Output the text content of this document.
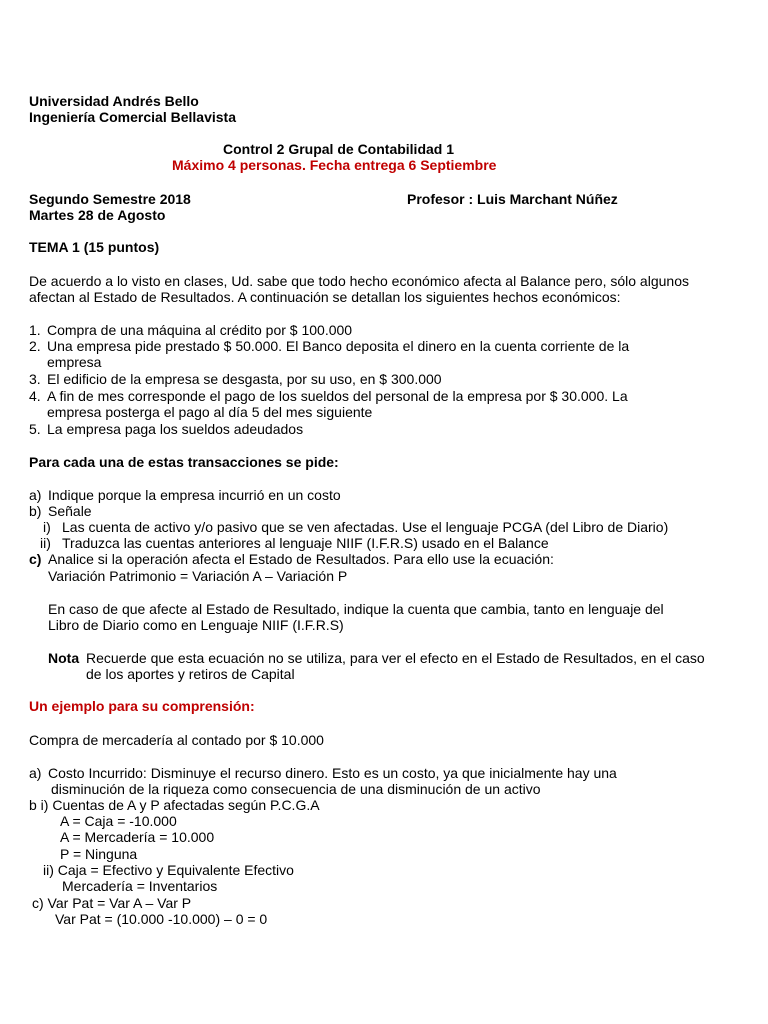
Universidad Andrés Bello
Ingeniería Comercial Bellavista
Control 2 Grupal de Contabilidad 1
Máximo 4 personas. Fecha entrega 6 Septiembre
Segundo Semestre 2018	Profesor : Luis Marchant Núñez
Martes 28 de Agosto
TEMA 1 (15 puntos)
De acuerdo a lo visto en clases, Ud. sabe que todo hecho económico afecta al Balance pero, sólo algunos
afectan al Estado de Resultados. A continuación se detallan los siguientes hechos económicos:
1. Compra de una máquina al crédito por $ 100.000
2. Una empresa pide prestado $ 50.000. El Banco deposita el dinero en la cuenta corriente de la
empresa
3. El edificio de la empresa se desgasta, por su uso, en $ 300.000
4. A fin de mes corresponde el pago de los sueldos del personal de la empresa por $ 30.000. La
empresa posterga el pago al día 5 del mes siguiente
5. La empresa paga los sueldos adeudados
Para cada una de estas transacciones se pide:
a) Indique porque la empresa incurrió en un costo
b) Señale
i) Las cuenta de activo y/o pasivo que se ven afectadas. Use el lenguaje PCGA (del Libro de Diario)
ii) Traduzca las cuentas anteriores al lenguaje NIIF (I.F.R.S) usado en el Balance
c) Analice si la operación afecta el Estado de Resultados. Para ello use la ecuación:
Variación Patrimonio = Variación A – Variación P
En caso de que afecte al Estado de Resultado, indique la cuenta que cambia, tanto en lenguaje del
Libro de Diario como en Lenguaje NIIF (I.F.R.S)
Nota Recuerde que esta ecuación no se utiliza, para ver el efecto en el Estado de Resultados, en el caso
de los aportes y retiros de Capital
Un ejemplo para su comprensión:
Compra de mercadería al contado por $ 10.000
a) Costo Incurrido: Disminuye el recurso dinero. Esto es un costo, ya que inicialmente hay una
disminución de la riqueza como consecuencia de una disminución de un activo
b i) Cuentas de A y P afectadas según P.C.G.A
A = Caja = -10.000
A = Mercadería = 10.000
P = Ninguna
ii) Caja = Efectivo y Equivalente Efectivo
Mercadería = Inventarios
c) Var Pat = Var A – Var P
Var Pat = (10.000 -10.000) – 0 = 0
